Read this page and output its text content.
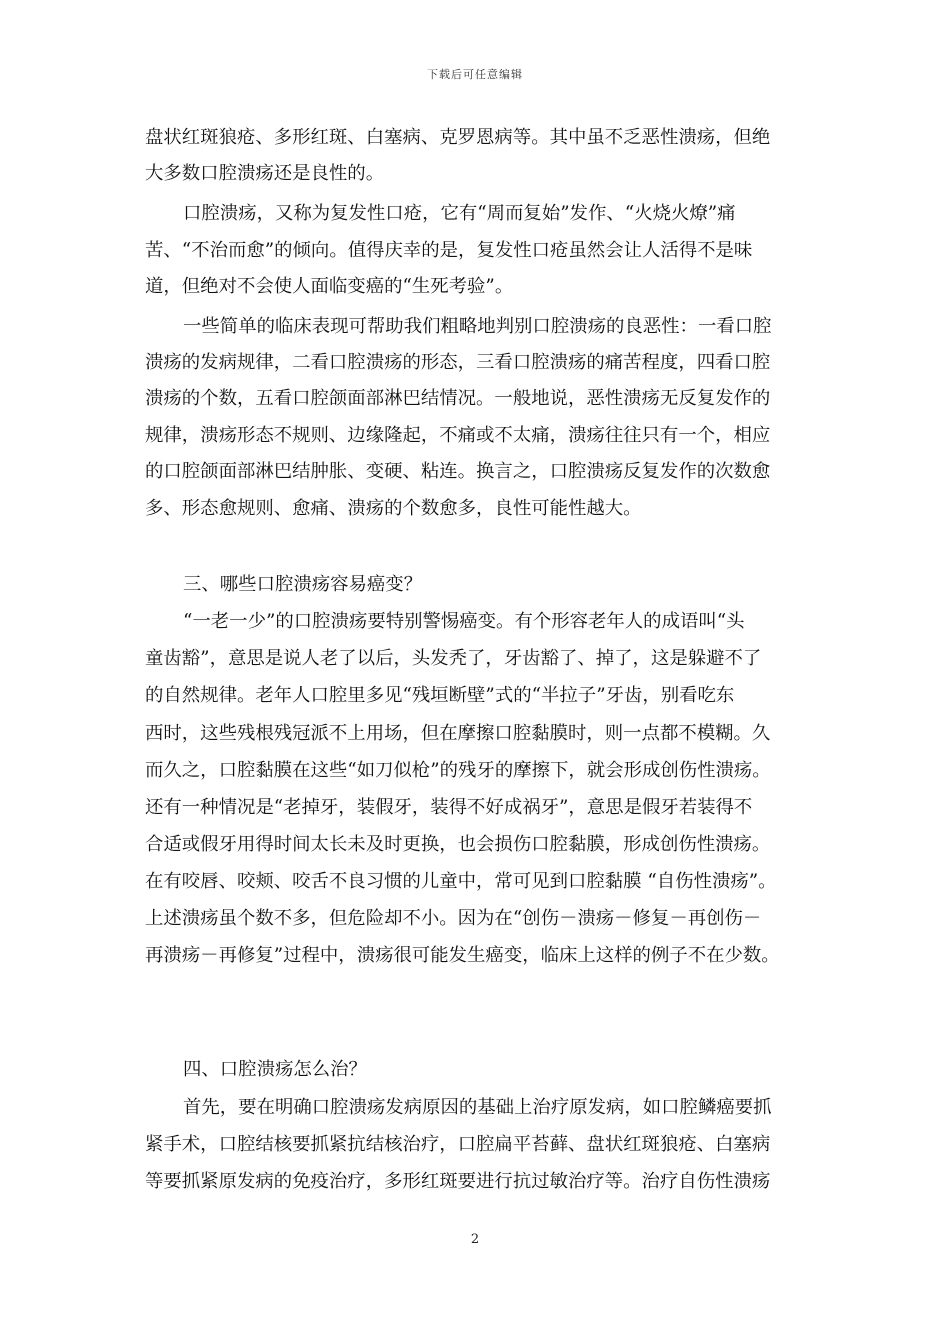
下载后可任意编辑
盘状红斑狼疮、多形红斑、白塞病、克罗恩病等。其中虽不乏恶性溃疡，但绝
大多数口腔溃疡还是良性的。
口腔溃疡，又称为复发性口疮，它有“周而复始”发作、“火烧火燎”痛
苦、“不治而愈”的倾向。值得庆幸的是，复发性口疮虽然会让人活得不是味
道，但绝对不会使人面临变癌的“生死考验”。
一些简单的临床表现可帮助我们粗略地判别口腔溃疡的良恶性：一看口腔
溃疡的发病规律，二看口腔溃疡的形态，三看口腔溃疡的痛苦程度，四看口腔
溃疡的个数，五看口腔颌面部淋巴结情况。一般地说，恶性溃疡无反复发作的
规律，溃疡形态不规则、边缘隆起，不痛或不太痛，溃疡往往只有一个，相应
的口腔颌面部淋巴结肿胀、变硬、粘连。换言之，口腔溃疡反复发作的次数愈
多、形态愈规则、愈痛、溃疡的个数愈多，良性可能性越大。
三、哪些口腔溃疡容易癌变？
“一老一少”的口腔溃疡要特别警惕癌变。有个形容老年人的成语叫“头
童齿豁”，意思是说人老了以后，头发秃了，牙齿豁了、掉了，这是躲避不了
的自然规律。老年人口腔里多见“残垣断壁”式的“半拉子”牙齿，别看吃东
西时，这些残根残冠派不上用场，但在摩擦口腔黏膜时，则一点都不模糊。久
而久之，口腔黏膜在这些“如刀似枪”的残牙的摩擦下，就会形成创伤性溃疡。
还有一种情况是“老掉牙，装假牙，装得不好成祸牙”，意思是假牙若装得不
合适或假牙用得时间太长未及时更换，也会损伤口腔黏膜，形成创伤性溃疡。
在有咬唇、咬颊、咬舌不良习惯的儿童中，常可见到口腔黏膜 “自伤性溃疡”。
上述溃疡虽个数不多，但危险却不小。因为在“创伤－溃疡－修复－再创伤－
再溃疡－再修复”过程中，溃疡很可能发生癌变，临床上这样的例子不在少数。
四、口腔溃疡怎么治？
首先，要在明确口腔溃疡发病原因的基础上治疗原发病，如口腔鳞癌要抓
紧手术，口腔结核要抓紧抗结核治疗，口腔扁平苔藓、盘状红斑狼疮、白塞病
等要抓紧原发病的免疫治疗，多形红斑要进行抗过敏治疗等。治疗自伤性溃疡
2
